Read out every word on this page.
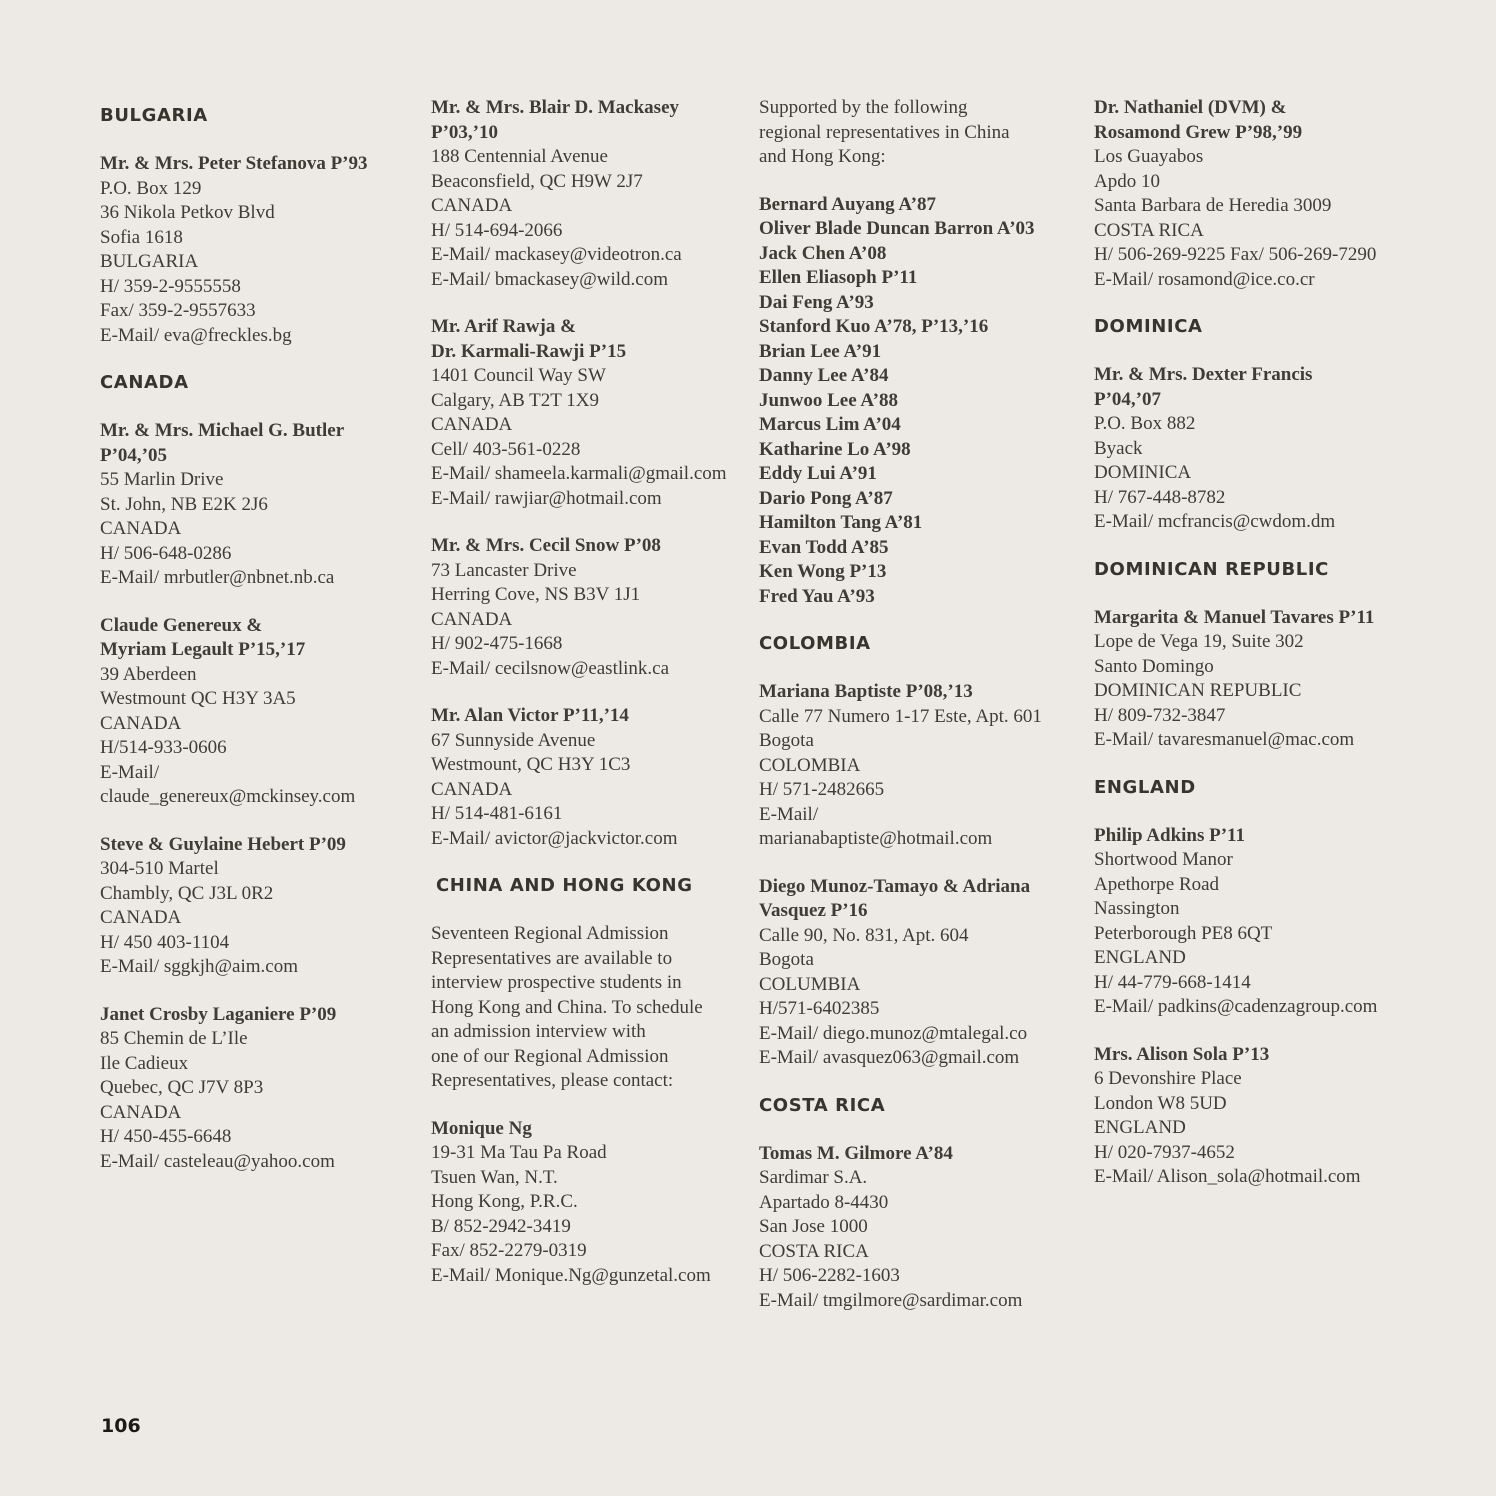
BULGARIA
Mr. & Mrs. Peter Stefanova P’93
P.O. Box 129
36 Nikola Petkov Blvd
Sofia 1618
BULGARIA
H/ 359-2-9555558
Fax/ 359-2-9557633
E-Mail/ eva@freckles.bg
CANADA
Mr. & Mrs. Michael G. Butler
P’04,’05
55 Marlin Drive
St. John, NB E2K 2J6
CANADA
H/ 506-648-0286
E-Mail/ mrbutler@nbnet.nb.ca
Claude Genereux &
Myriam Legault P’15,’17
39 Aberdeen
Westmount QC H3Y 3A5
CANADA
H/514-933-0606
E-Mail/
claude_genereux@mckinsey.com
Steve & Guylaine Hebert P’09
304-510 Martel
Chambly, QC J3L 0R2
CANADA
H/ 450 403-1104
E-Mail/ sggkjh@aim.com
Janet Crosby Laganiere P’09
85 Chemin de L’Ile
Ile Cadieux
Quebec, QC J7V 8P3
CANADA
H/ 450-455-6648
E-Mail/ casteleau@yahoo.com
Mr. & Mrs. Blair D. Mackasey
P’03,’10
188 Centennial Avenue
Beaconsfield, QC H9W 2J7
CANADA
H/ 514-694-2066
E-Mail/ mackasey@videotron.ca
E-Mail/ bmackasey@wild.com
Mr. Arif Rawja &
Dr. Karmali-Rawji P’15
1401 Council Way SW
Calgary, AB T2T 1X9
CANADA
Cell/ 403-561-0228
E-Mail/ shameela.karmali@gmail.com
E-Mail/ rawjiar@hotmail.com
Mr. & Mrs. Cecil Snow P’08
73 Lancaster Drive
Herring Cove, NS B3V 1J1
CANADA
H/ 902-475-1668
E-Mail/ cecilsnow@eastlink.ca
Mr. Alan Victor P’11,’14
67 Sunnyside Avenue
Westmount, QC H3Y 1C3
CANADA
H/ 514-481-6161
E-Mail/ avictor@jackvictor.com
CHINA AND HONG KONG
Seventeen Regional Admission
Representatives are available to
interview prospective students in
Hong Kong and China. To schedule
an admission interview with
one of our Regional Admission
Representatives, please contact:
Monique Ng
19-31 Ma Tau Pa Road
Tsuen Wan, N.T.
Hong Kong, P.R.C.
B/ 852-2942-3419
Fax/ 852-2279-0319
E-Mail/ Monique.Ng@gunzetal.com
Supported by the following
regional representatives in China
and Hong Kong:
Bernard Auyang A’87
Oliver Blade Duncan Barron A’03
Jack Chen A’08
Ellen Eliasoph P’11
Dai Feng A’93
Stanford Kuo A’78, P’13,’16
Brian Lee A’91
Danny Lee A’84
Junwoo Lee A’88
Marcus Lim A’04
Katharine Lo A’98
Eddy Lui A’91
Dario Pong A’87
Hamilton Tang A’81
Evan Todd A’85
Ken Wong P’13
Fred Yau A’93
COLOMBIA
Mariana Baptiste P’08,’13
Calle 77 Numero 1-17 Este, Apt. 601
Bogota
COLOMBIA
H/ 571-2482665
E-Mail/
marianabaptiste@hotmail.com
Diego Munoz-Tamayo & Adriana
Vasquez P’16
Calle 90, No. 831, Apt. 604
Bogota
COLUMBIA
H/571-6402385
E-Mail/ diego.munoz@mtalegal.co
E-Mail/ avasquez063@gmail.com
COSTA RICA
Tomas M. Gilmore A’84
Sardimar S.A.
Apartado 8-4430
San Jose 1000
COSTA RICA
H/ 506-2282-1603
E-Mail/ tmgilmore@sardimar.com
Dr. Nathaniel (DVM) &
Rosamond Grew P’98,’99
Los Guayabos
Apdo 10
Santa Barbara de Heredia 3009
COSTA RICA
H/ 506-269-9225 Fax/ 506-269-7290
E-Mail/ rosamond@ice.co.cr
DOMINICA
Mr. & Mrs. Dexter Francis
P’04,’07
P.O. Box 882
Byack
DOMINICA
H/ 767-448-8782
E-Mail/ mcfrancis@cwdom.dm
DOMINICAN REPUBLIC
Margarita & Manuel Tavares P’11
Lope de Vega 19, Suite 302
Santo Domingo
DOMINICAN REPUBLIC
H/ 809-732-3847
E-Mail/ tavaresmanuel@mac.com
ENGLAND
Philip Adkins P’11
Shortwood Manor
Apethorpe Road
Nassington
Peterborough PE8 6QT
ENGLAND
H/ 44-779-668-1414
E-Mail/ padkins@cadenzagroup.com
Mrs. Alison Sola P’13
6 Devonshire Place
London W8 5UD
ENGLAND
H/ 020-7937-4652
E-Mail/ Alison_sola@hotmail.com
106
